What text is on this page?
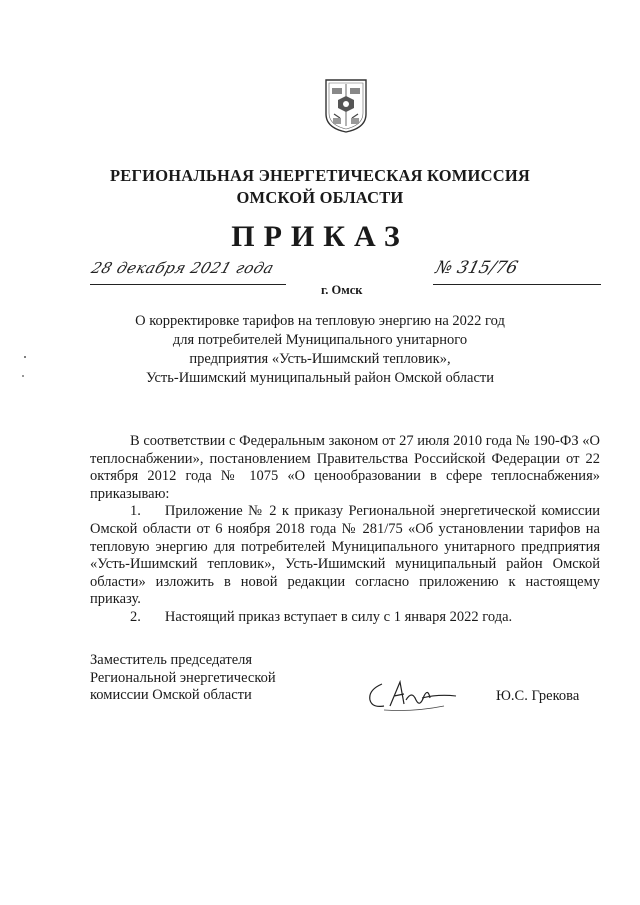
РЕГИОНАЛЬНАЯ ЭНЕРГЕТИЧЕСКАЯ КОМИССИЯ
ОМСКОЙ ОБЛАСТИ
ПРИКАЗ
28 декабря 2021 года
г. Омск
№ 315/76
О корректировке тарифов на тепловую энергию на 2022 год
для потребителей Муниципального унитарного
предприятия «Усть-Ишимский тепловик»,
Усть-Ишимский муниципальный район Омской области

В соответствии с Федеральным законом от 27 июля 2010 года № 190-ФЗ «О теплоснабжении», постановлением Правительства Российской Федерации от 22 октября 2012 года № 1075 «О ценообразовании в сфере теплоснабжения» приказываю:

1. Приложение № 2 к приказу Региональной энергетической комиссии Омской области от 6 ноября 2018 года № 281/75 «Об установлении тарифов на тепловую энергию для потребителей Муниципального унитарного предприятия «Усть-Ишимский тепловик», Усть-Ишимский муниципальный район Омской области» изложить в новой редакции согласно приложению к настоящему приказу.

2. Настоящий приказ вступает в силу с 1 января 2022 года.

Заместитель председателя
Региональной энергетической
комиссии Омской области	Ю.С. Грекова
